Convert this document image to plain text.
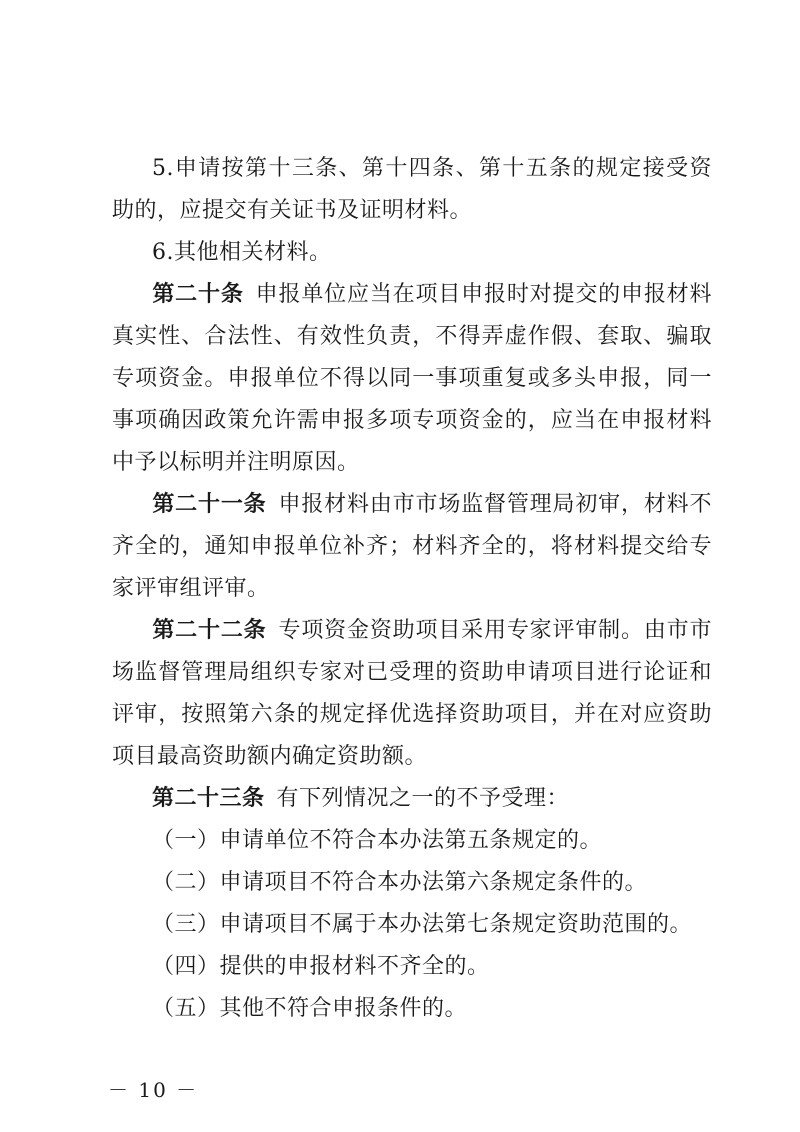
5.申请按第十三条、第十四条、第十五条的规定接受资助的，应提交有关证书及证明材料。

6.其他相关材料。

第二十条 申报单位应当在项目申报时对提交的申报材料真实性、合法性、有效性负责，不得弄虚作假、套取、骗取专项资金。申报单位不得以同一事项重复或多头申报，同一事项确因政策允许需申报多项专项资金的，应当在申报材料中予以标明并注明原因。

第二十一条 申报材料由市市场监督管理局初审，材料不齐全的，通知申报单位补齐；材料齐全的，将材料提交给专家评审组评审。

第二十二条 专项资金资助项目采用专家评审制。由市市场监督管理局组织专家对已受理的资助申请项目进行论证和评审，按照第六条的规定择优选择资助项目，并在对应资助项目最高资助额内确定资助额。

第二十三条 有下列情况之一的不予受理：

（一）申请单位不符合本办法第五条规定的。

（二）申请项目不符合本办法第六条规定条件的。

（三）申请项目不属于本办法第七条规定资助范围的。

（四）提供的申报材料不齐全的。

（五）其他不符合申报条件的。

－ 10 －
